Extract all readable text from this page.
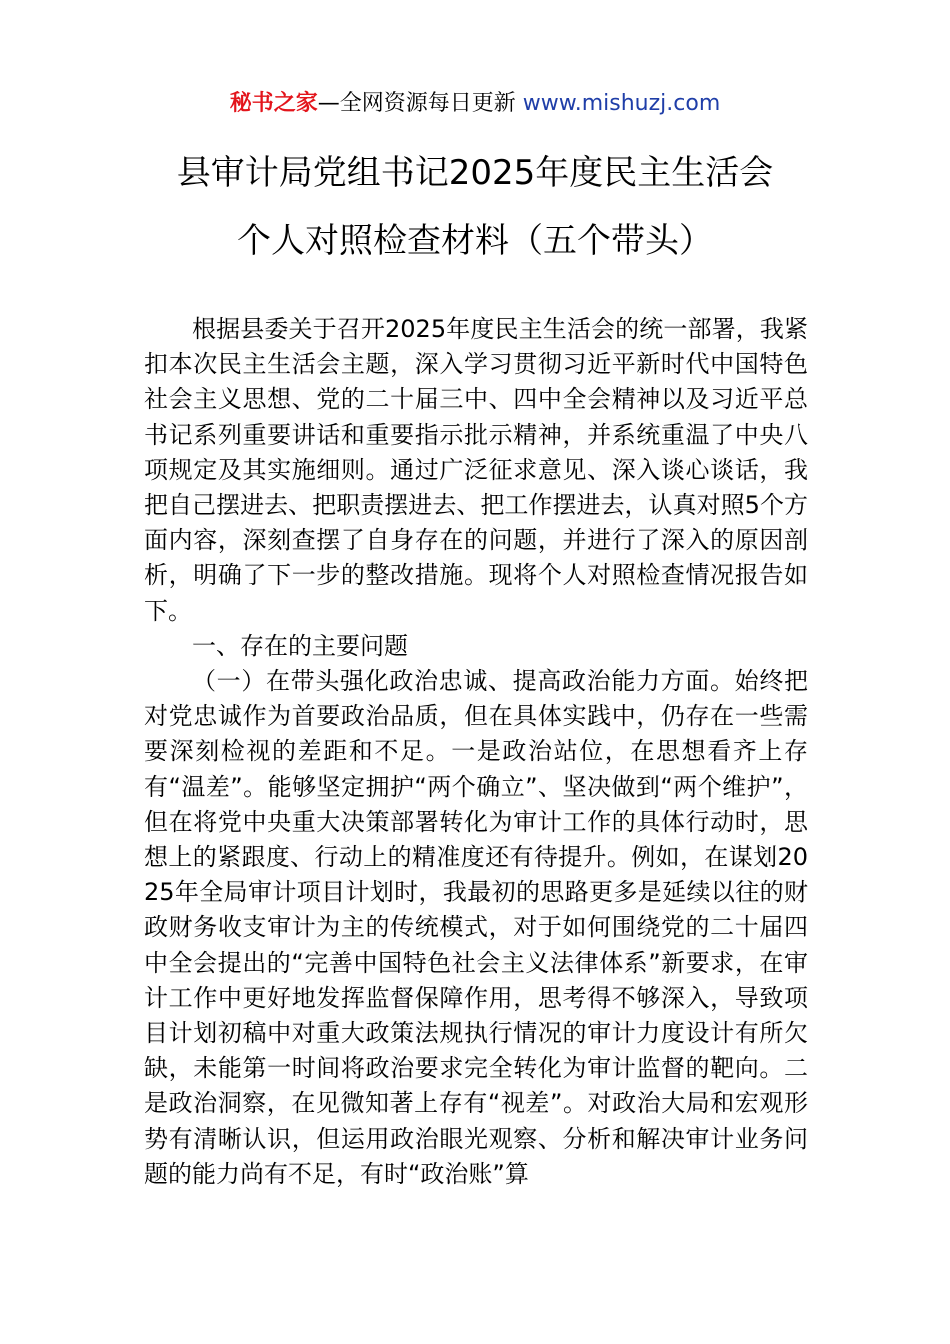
秘书之家—全网资源每日更新 www.mishuzj.com
县审计局党组书记2025年度民主生活会
个人对照检查材料（五个带头）

根据县委关于召开2025年度民主生活会的统一部署，我紧扣本次民主生活会主题，深入学习贯彻习近平新时代中国特色社会主义思想、党的二十届三中、四中全会精神以及习近平总书记系列重要讲话和重要指示批示精神，并系统重温了中央八项规定及其实施细则。通过广泛征求意见、深入谈心谈话，我把自己摆进去、把职责摆进去、把工作摆进去，认真对照5个方面内容，深刻查摆了自身存在的问题，并进行了深入的原因剖析，明确了下一步的整改措施。现将个人对照检查情况报告如下。

一、存在的主要问题

（一）在带头强化政治忠诚、提高政治能力方面。始终把对党忠诚作为首要政治品质，但在具体实践中，仍存在一些需要深刻检视的差距和不足。一是政治站位，在思想看齐上存有“温差”。能够坚定拥护“两个确立”、坚决做到“两个维护”，但在将党中央重大决策部署转化为审计工作的具体行动时，思想上的紧跟度、行动上的精准度还有待提升。例如，在谋划2025年全局审计项目计划时，我最初的思路更多是延续以往的财政财务收支审计为主的传统模式，对于如何围绕党的二十届四中全会提出的“完善中国特色社会主义法律体系”新要求，在审计工作中更好地发挥监督保障作用，思考得不够深入，导致项目计划初稿中对重大政策法规执行情况的审计力度设计有所欠缺，未能第一时间将政治要求完全转化为审计监督的靶向。二是政治洞察，在见微知著上存有“视差”。对政治大局和宏观形势有清晰认识，但运用政治眼光观察、分析和解决审计业务问题的能力尚有不足，有时“政治账”算
